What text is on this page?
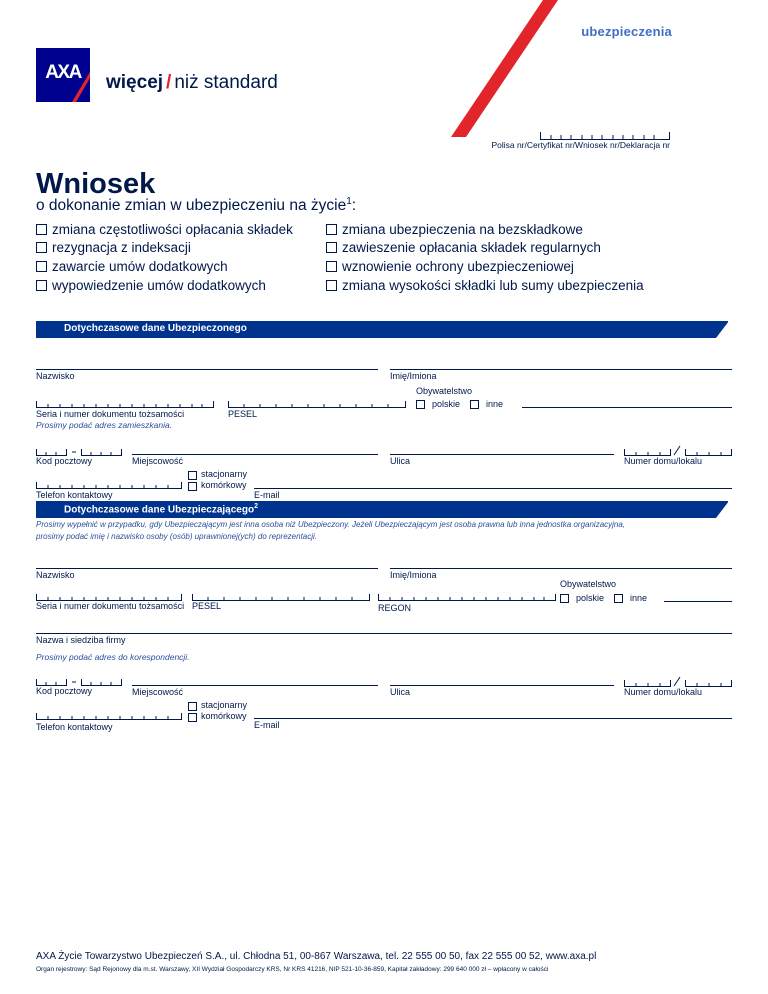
ubezpieczenia
AXA	więcej / niż standard
Polisa nr/Certyfikat nr/Wniosek nr/Deklaracja nr
Wniosek
o dokonanie zmian w ubezpieczeniu na życie$^1$:
zmiana częstotliwości opłacania składek
rezygnacja z indeksacji
zawarcie umów dodatkowych
wypowiedzenie umów dodatkowych
zmiana ubezpieczenia na bezskładkowe
zawieszenie opłacania składek regularnych
wznowienie ochrony ubezpieczeniowej
zmiana wysokości składki lub sumy ubezpieczenia
Dotychczasowe dane Ubezpieczonego
Nazwisko	Imię/Imiona
Obywatelstwo
polskie	inne
Seria i numer dokumentu tożsamości	PESEL
Prosimy podać adres zamieszkania.
Kod pocztowy	Miejscowość	Ulica	Numer domu/lokalu
stacjonarny
komórkowy
Telefon kontaktowy	E-mail
Dotychczasowe dane Ubezpieczającego$^2$
Prosimy wypełnić w przypadku, gdy Ubezpieczającym jest inna osoba niż Ubezpieczony. Jeżeli Ubezpieczającym jest osoba prawna lub inna jednostka organizacyjna,
prosimy podać imię i nazwisko osoby (osób) uprawnionej(ych) do reprezentacji.
Nazwisko	Imię/Imiona
Obywatelstwo
polskie	inne
Seria i numer dokumentu tożsamości PESEL	REGON
Nazwa i siedziba firmy
Prosimy podać adres do korespondencji.
Kod pocztowy	Miejscowość	Ulica	Numer domu/lokalu
stacjonarny
komórkowy
Telefon kontaktowy	E-mail
AXA Życie Towarzystwo Ubezpieczeń S.A., ul. Chłodna 51, 00-867 Warszawa, tel. 22 555 00 50, fax 22 555 00 52, www.axa.pl
Organ rejestrowy: Sąd Rejonowy dla m.st. Warszawy, XII Wydział Gospodarczy KRS, Nr KRS 41216, NIP 521-10-36-859, Kapitał zakładowy: 299 640 000 zł – wpłacony w całości
